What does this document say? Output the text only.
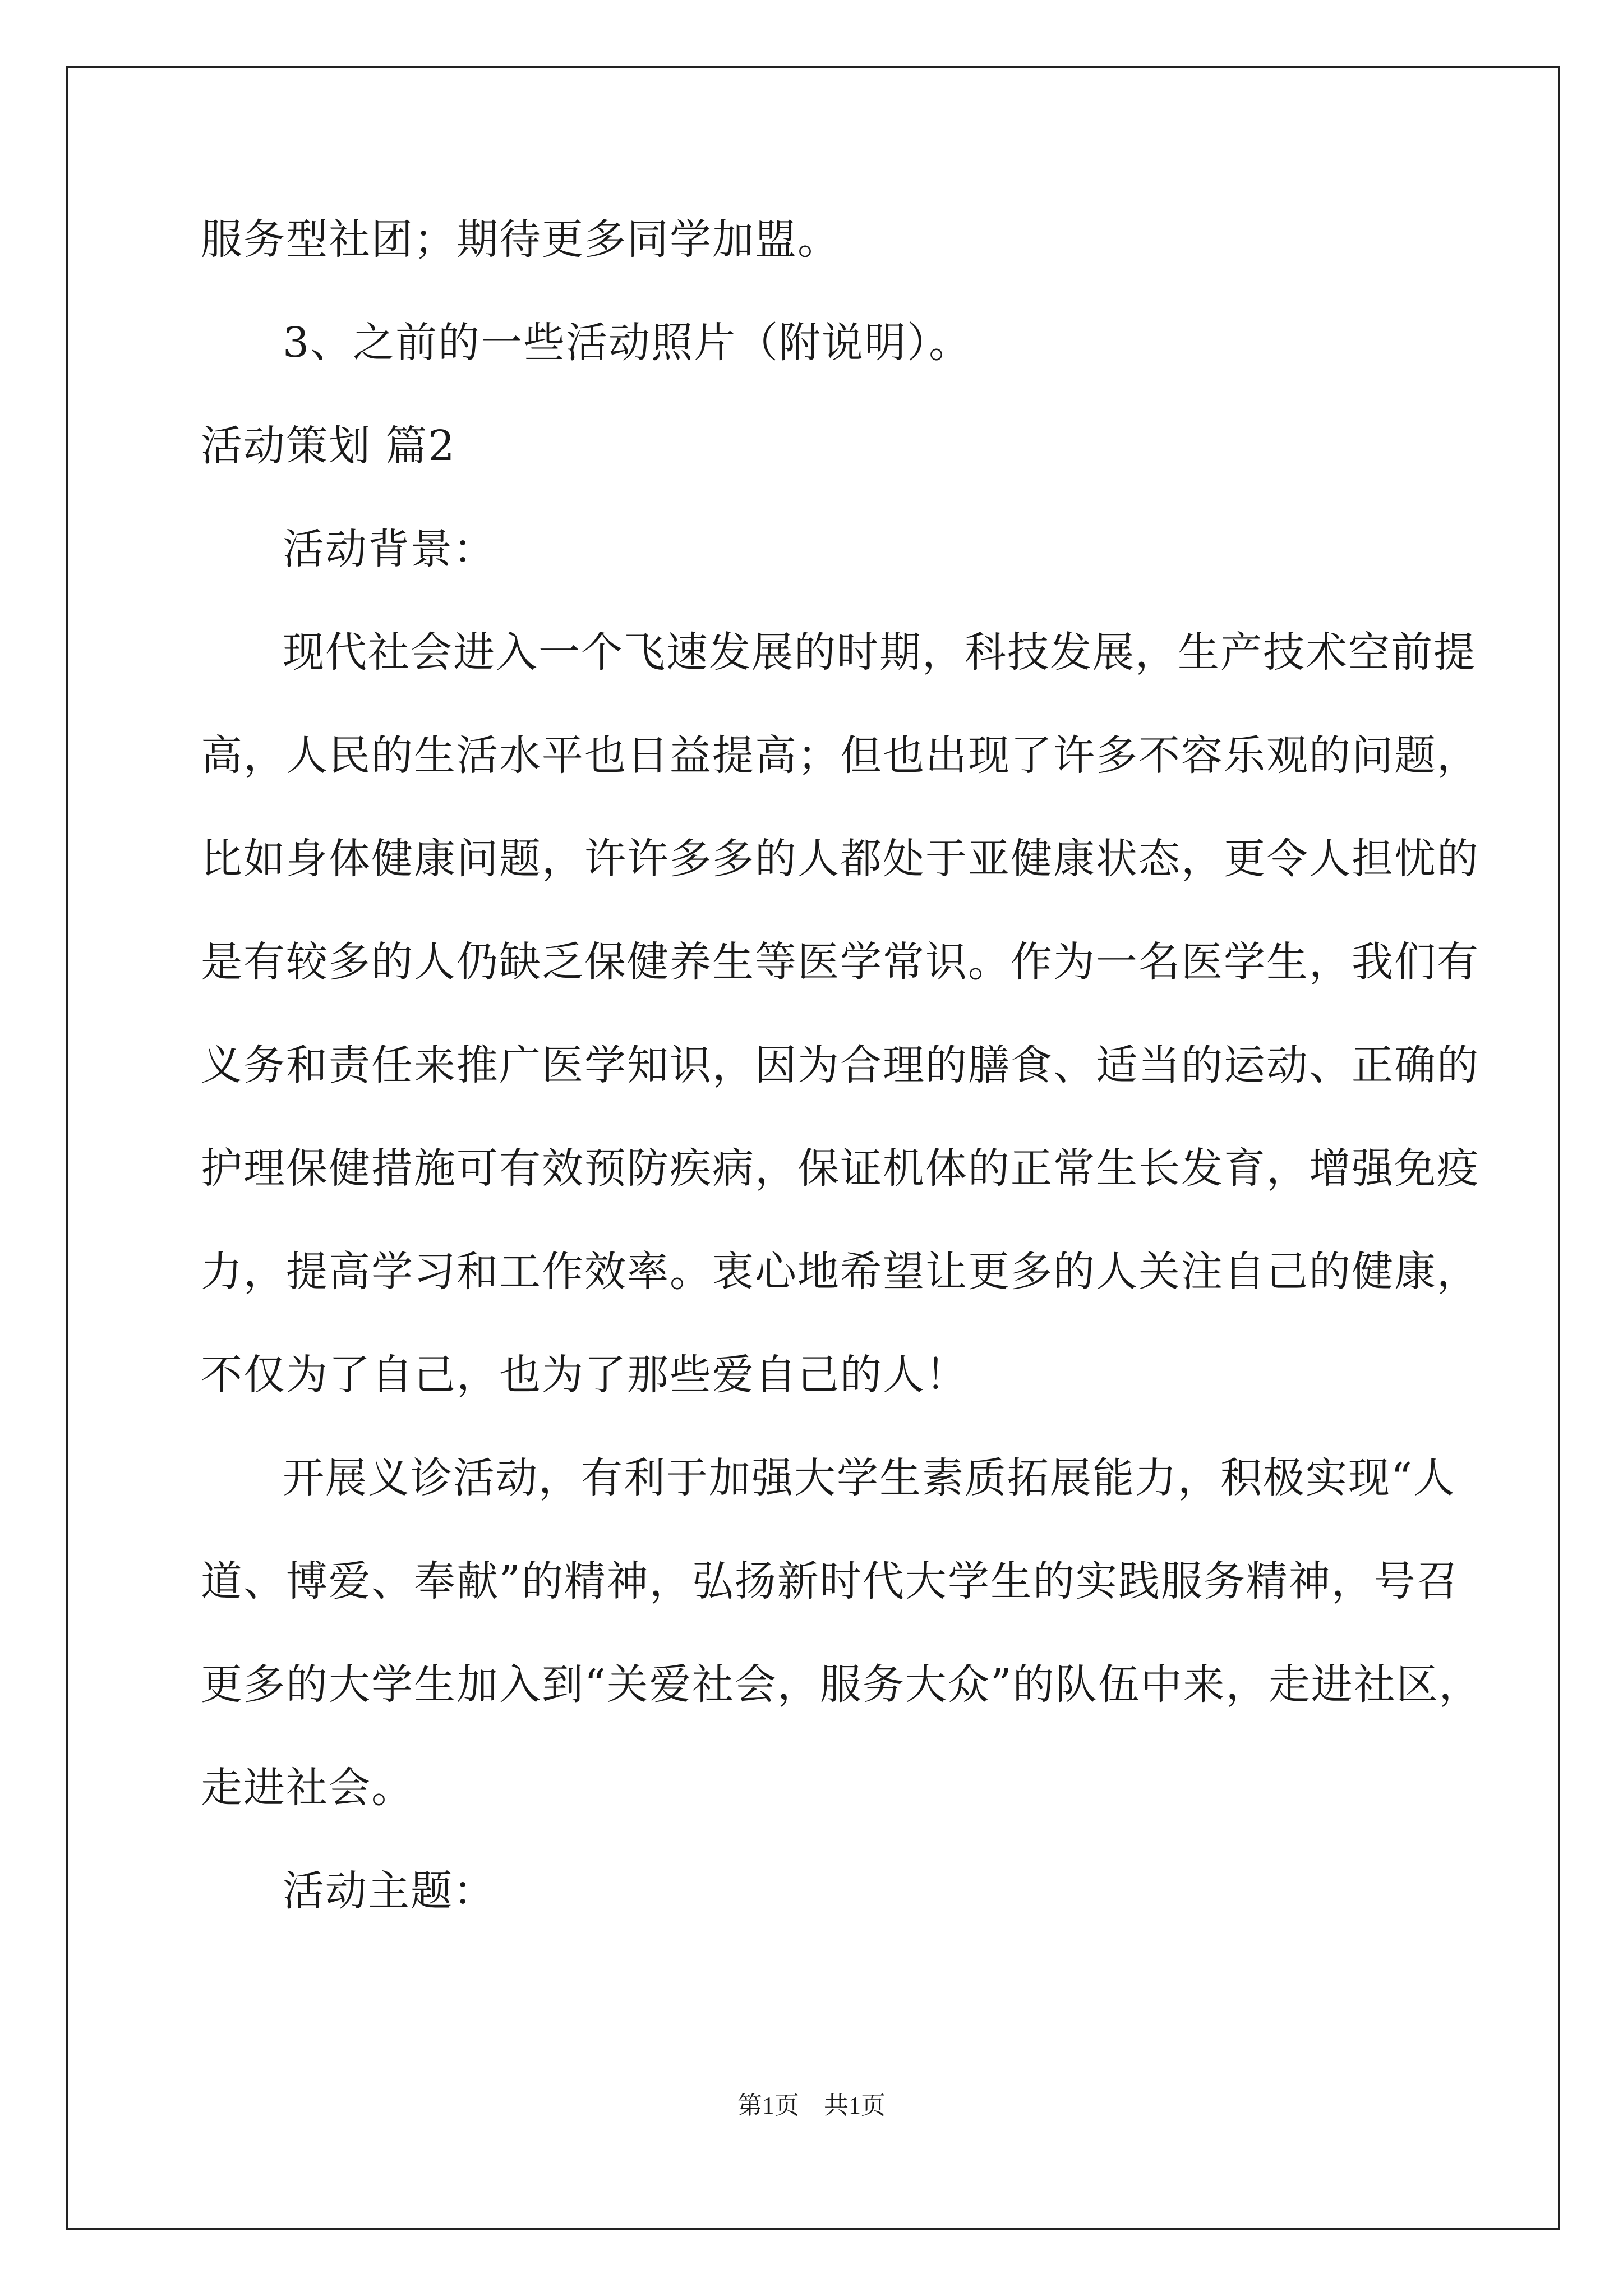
服务型社团；期待更多同学加盟。
3、之前的一些活动照片（附说明）。
活动策划 篇2
活动背景：
现代社会进入一个飞速发展的时期，科技发展，生产技术空前提
高，人民的生活水平也日益提高；但也出现了许多不容乐观的问题，
比如身体健康问题，许许多多的人都处于亚健康状态，更令人担忧的
是有较多的人仍缺乏保健养生等医学常识。作为一名医学生，我们有
义务和责任来推广医学知识，因为合理的膳食、适当的运动、正确的
护理保健措施可有效预防疾病，保证机体的正常生长发育，增强免疫
力，提高学习和工作效率。衷心地希望让更多的人关注自己的健康，
不仅为了自己，也为了那些爱自己的人！
开展义诊活动，有利于加强大学生素质拓展能力，积极实现“人
道、博爱、奉献”的精神，弘扬新时代大学生的实践服务精神，号召
更多的大学生加入到“关爱社会，服务大众”的队伍中来，走进社区，
走进社会。
活动主题：
第1页 共1页
